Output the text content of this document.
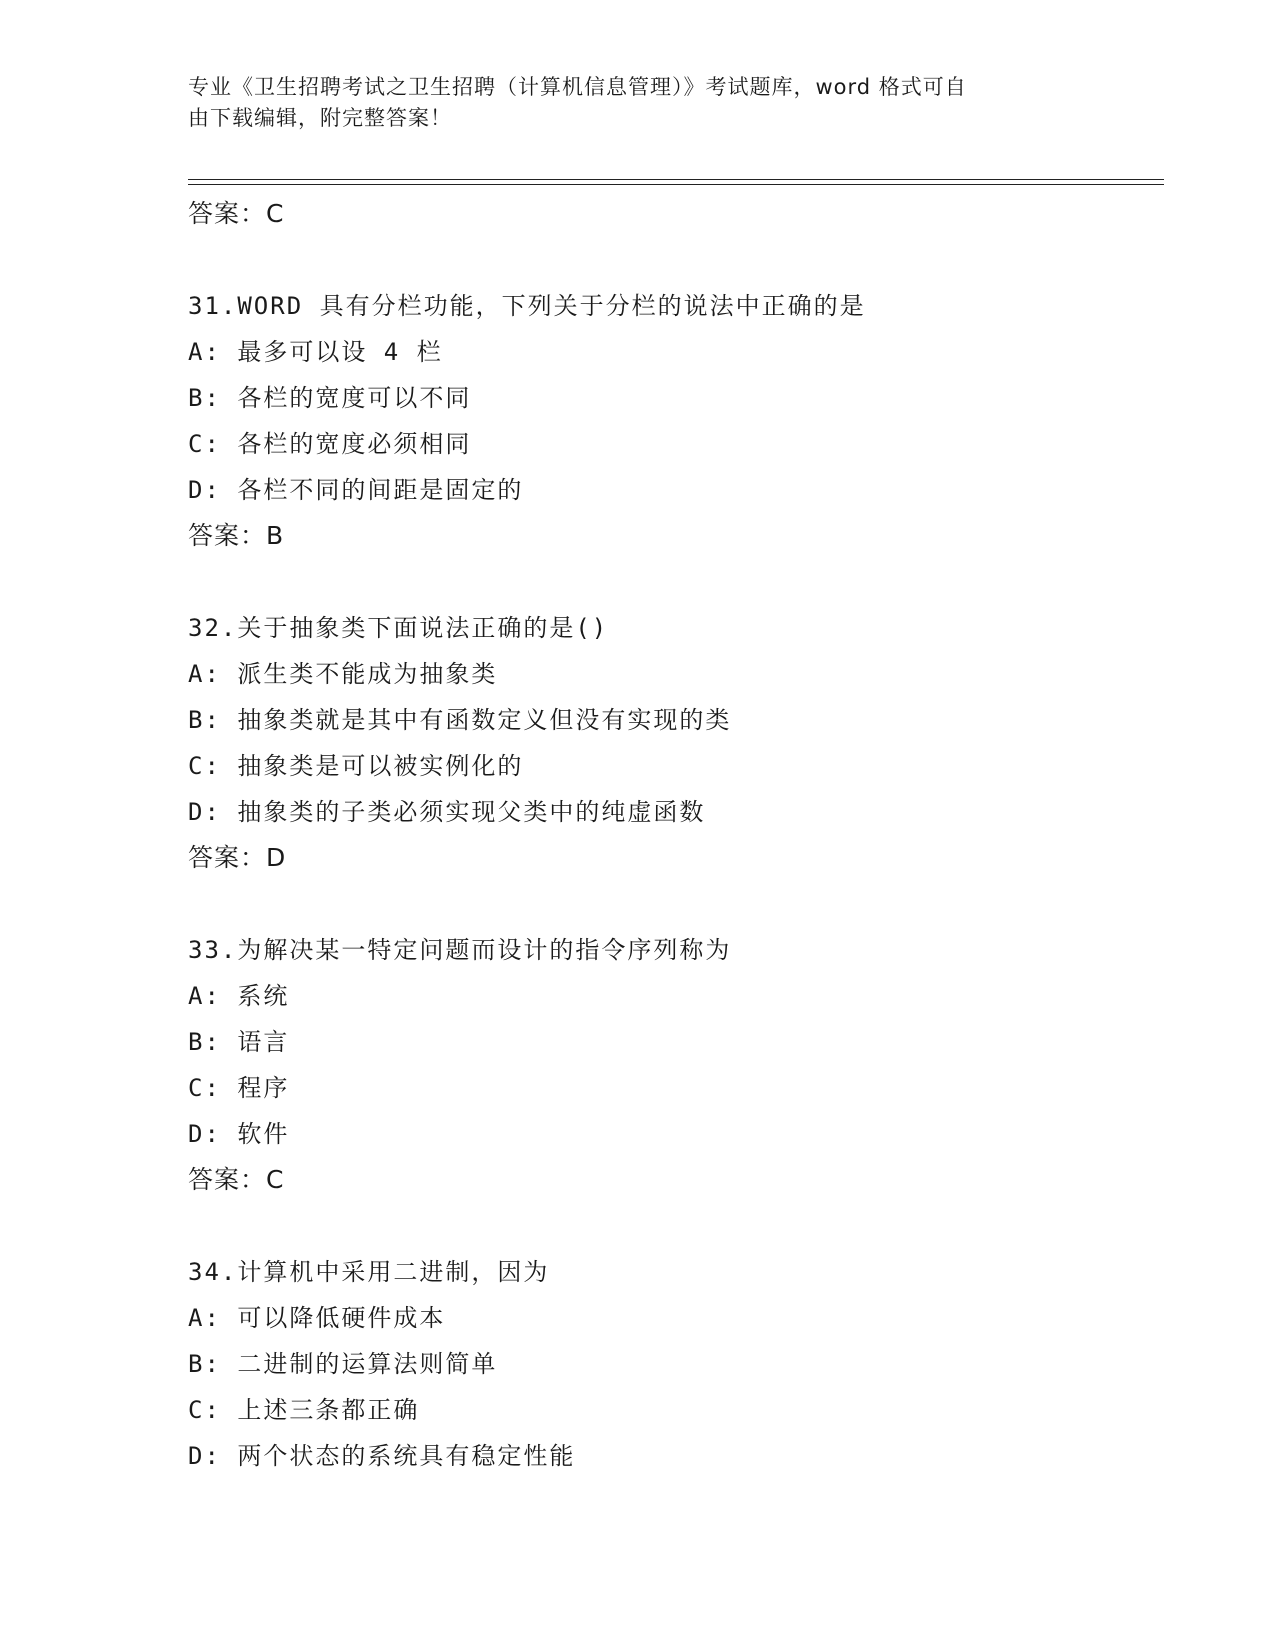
专业《卫生招聘考试之卫生招聘（计算机信息管理）》考试题库，word 格式可自
由下载编辑，附完整答案！
答案：C
31.WORD 具有分栏功能，下列关于分栏的说法中正确的是
A: 最多可以设 4 栏
B: 各栏的宽度可以不同
C: 各栏的宽度必须相同
D: 各栏不同的间距是固定的
答案：B
32.关于抽象类下面说法正确的是()
A: 派生类不能成为抽象类
B: 抽象类就是其中有函数定义但没有实现的类
C: 抽象类是可以被实例化的
D: 抽象类的子类必须实现父类中的纯虚函数
答案：D
33.为解决某一特定问题而设计的指令序列称为
A: 系统
B: 语言
C: 程序
D: 软件
答案：C
34.计算机中采用二进制，因为
A: 可以降低硬件成本
B: 二进制的运算法则简单
C: 上述三条都正确
D: 两个状态的系统具有稳定性能
